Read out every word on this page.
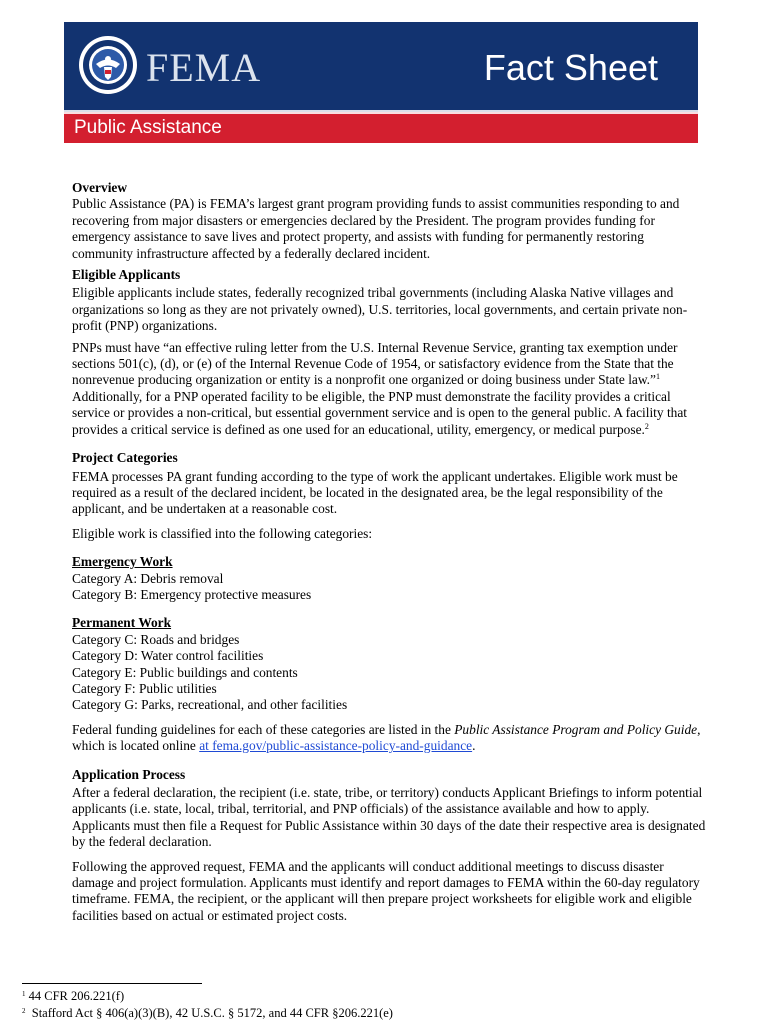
FEMA	Fact Sheet
Public Assistance
Overview

Public Assistance (PA) is FEMA’s largest grant program providing funds to assist communities responding to and recovering from major disasters or emergencies declared by the President. The program provides funding for emergency assistance to save lives and protect property, and assists with funding for permanently restoring community infrastructure affected by a federally declared incident.

Eligible Applicants

Eligible applicants include states, federally recognized tribal governments (including Alaska Native villages and organizations so long as they are not privately owned), U.S. territories, local governments, and certain private non-profit (PNP) organizations.

PNPs must have “an effective ruling letter from the U.S. Internal Revenue Service, granting tax exemption under sections 501(c), (d), or (e) of the Internal Revenue Code of 1954, or satisfactory evidence from the State that the nonrevenue producing organization or entity is a nonprofit one organized or doing business under State law.”$^1$ Additionally, for a PNP operated facility to be eligible, the PNP must demonstrate the facility provides a critical service or provides a non-critical, but essential government service and is open to the general public. A facility that provides a critical service is defined as one used for an educational, utility, emergency, or medical purpose.$^2$

Project Categories

FEMA processes PA grant funding according to the type of work the applicant undertakes. Eligible work must be required as a result of the declared incident, be located in the designated area, be the legal responsibility of the applicant, and be undertaken at a reasonable cost.

Eligible work is classified into the following categories:

Emergency Work
Category A: Debris removal
Category B: Emergency protective measures
Permanent Work
Category C: Roads and bridges
Category D: Water control facilities
Category E: Public buildings and contents
Category F: Public utilities
Category G: Parks, recreational, and other facilities

Federal funding guidelines for each of these categories are listed in the Public Assistance Program and Policy Guide, which is located online at fema.gov/public-assistance-policy-and-guidance.

Application Process

After a federal declaration, the recipient (i.e. state, tribe, or territory) conducts Applicant Briefings to inform potential applicants (i.e. state, local, tribal, territorial, and PNP officials) of the assistance available and how to apply. Applicants must then file a Request for Public Assistance within 30 days of the date their respective area is designated by the federal declaration.

Following the approved request, FEMA and the applicants will conduct additional meetings to discuss disaster damage and project formulation. Applicants must identify and report damages to FEMA within the 60-day regulatory timeframe. FEMA, the recipient, or the applicant will then prepare project worksheets for eligible work and eligible facilities based on actual or estimated project costs.

$^1$ 44 CFR 206.221(f)
$^2$  Stafford Act § 406(a)(3)(B), 42 U.S.C. § 5172, and 44 CFR §206.221(e)
